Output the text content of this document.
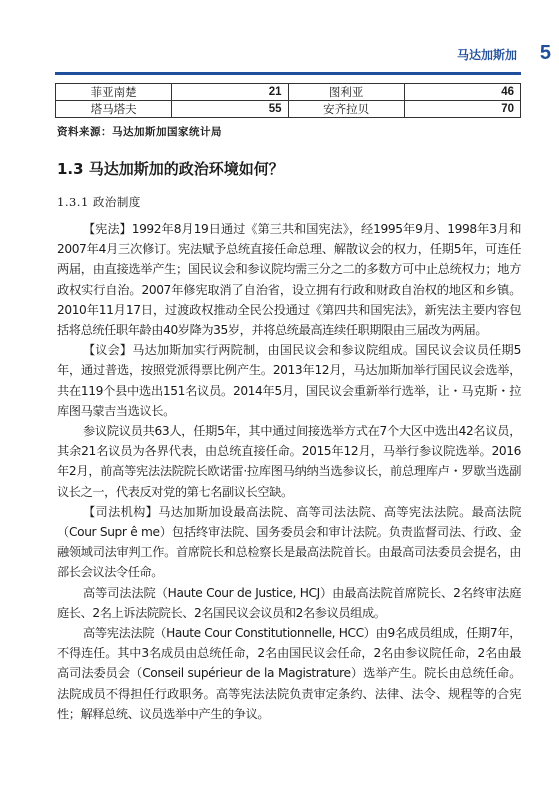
马达加斯加 5
菲亚南楚	21	图利亚	46
塔马塔夫	55	安齐拉贝	70
资料来源：马达加斯加国家统计局
1.3 马达加斯加的政治环境如何？
1.3.1 政治制度

【宪法】1992年8月19日通过《第三共和国宪法》，经1995年9月、1998年3月和2007年4月三次修订。宪法赋予总统直接任命总理、解散议会的权力，任期5年，可连任两届，由直接选举产生；国民议会和参议院均需三分之二的多数方可中止总统权力；地方政权实行自治。2007年修宪取消了自治省，设立拥有行政和财政自治权的地区和乡镇。2010年11月17日，过渡政权推动全民公投通过《第四共和国宪法》，新宪法主要内容包括将总统任职年龄由40岁降为35岁，并将总统最高连续任职期限由三届改为两届。

【议会】马达加斯加实行两院制，由国民议会和参议院组成。国民议会议员任期5年，通过普选，按照党派得票比例产生。2013年12月，马达加斯加举行国民议会选举，共在119个县中选出151名议员。2014年5月，国民议会重新举行选举，让・马克斯・拉库图马蒙吉当选议长。

参议院议员共63人，任期5年，其中通过间接选举方式在7个大区中选出42名议员，其余21名议员为各界代表，由总统直接任命。2015年12月，马举行参议院选举。2016年2月，前高等宪法法院院长欧诺雷·拉库图马纳纳当选参议长，前总理库卢・罗歇当选副议长之一，代表反对党的第七名副议长空缺。

【司法机构】马达加斯加设最高法院、高等司法法院、高等宪法法院。最高法院（Cour Supr ê me）包括终审法院、国务委员会和审计法院。负责监督司法、行政、金融领域司法审判工作。首席院长和总检察长是最高法院首长。由最高司法委员会提名，由部长会议法令任命。

高等司法法院（Haute Cour de Justice, HCJ）由最高法院首席院长、2名终审法庭庭长、2名上诉法院院长、2名国民议会议员和2名参议员组成。

高等宪法法院（Haute Cour Constitutionnelle, HCC）由9名成员组成，任期7年，不得连任。其中3名成员由总统任命，2名由国民议会任命，2名由参议院任命，2名由最高司法委员会（Conseil supérieur de la Magistrature）选举产生。院长由总统任命。法院成员不得担任行政职务。高等宪法法院负责审定条约、法律、法令、规程等的合宪性；解释总统、议员选举中产生的争议。
